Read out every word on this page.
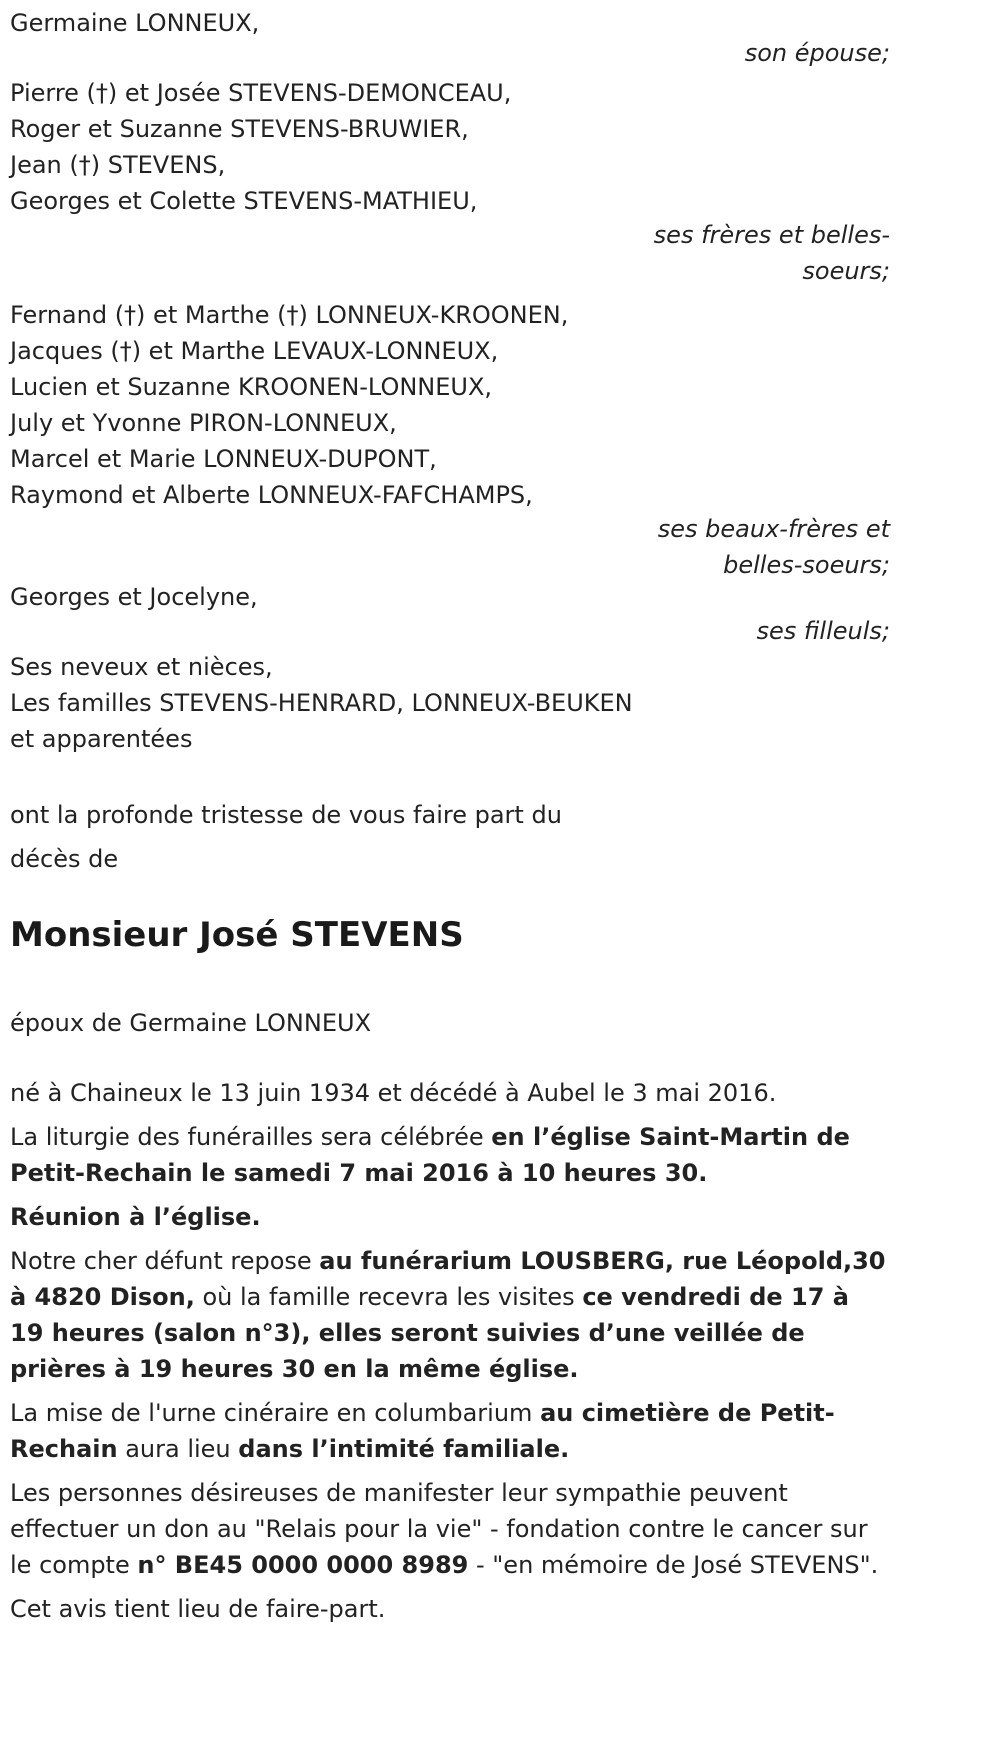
Germaine LONNEUX,
son épouse;
Pierre (†) et Josée STEVENS-DEMONCEAU,
Roger et Suzanne STEVENS-BRUWIER,
Jean (†) STEVENS,
Georges et Colette STEVENS-MATHIEU,
ses frères et belles-
soeurs;
Fernand (†) et Marthe (†) LONNEUX-KROONEN,
Jacques (†) et Marthe LEVAUX-LONNEUX,
Lucien et Suzanne KROONEN-LONNEUX,
July et Yvonne PIRON-LONNEUX,
Marcel et Marie LONNEUX-DUPONT,
Raymond et Alberte LONNEUX-FAFCHAMPS,
ses beaux-frères et
belles-soeurs;
Georges et Jocelyne,
ses filleuls;
Ses neveux et nièces,
Les familles STEVENS-HENRARD, LONNEUX-BEUKEN
et apparentées
ont la profonde tristesse de vous faire part du
décès de
Monsieur José STEVENS
époux de Germaine LONNEUX
né à Chaineux le 13 juin 1934 et décédé à Aubel le 3 mai 2016.

La liturgie des funérailles sera célébrée en l’église Saint-Martin de Petit-Rechain le samedi 7 mai 2016 à 10 heures 30.

Réunion à l’église.

Notre cher défunt repose au funérarium LOUSBERG, rue Léopold,30 à 4820 Dison, où la famille recevra les visites ce vendredi de 17 à 19 heures (salon n°3), elles seront suivies d’une veillée de prières à 19 heures 30 en la même église.

La mise de l'urne cinéraire en columbarium au cimetière de Petit-Rechain aura lieu dans l’intimité familiale.

Les personnes désireuses de manifester leur sympathie peuvent effectuer un don au "Relais pour la vie" - fondation contre le cancer sur le compte n° BE45 0000 0000 8989 - "en mémoire de José STEVENS".

Cet avis tient lieu de faire-part.
